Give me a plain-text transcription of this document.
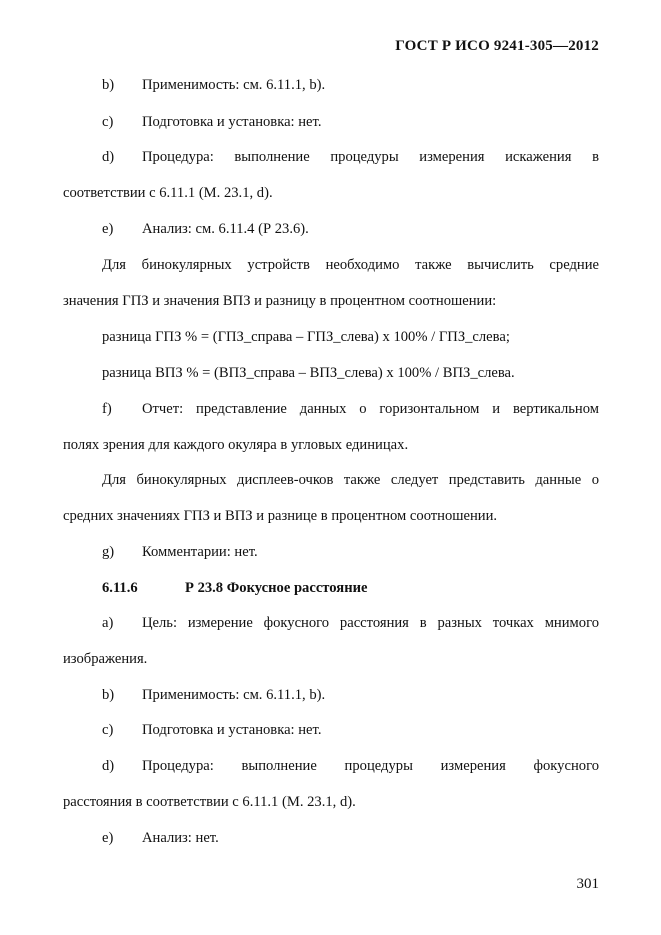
ГОСТ Р ИСО 9241-305—2012
b) Применимость: см. 6.11.1, b).
c) Подготовка и установка: нет.
d) Процедура: выполнение процедуры измерения искажения в
соответствии с 6.11.1 (М. 23.1, d).
e) Анализ: см. 6.11.4 (Р 23.6).
Для бинокулярных устройств необходимо также вычислить средние
значения ГПЗ и значения ВПЗ и разницу в процентном соотношении:
разница ГПЗ % = (ГПЗ_справа – ГПЗ_слева) х 100% / ГПЗ_слева;
разница ВПЗ % = (ВПЗ_справа – ВПЗ_слева) х 100% / ВПЗ_слева.
f) Отчет: представление данных о горизонтальном и вертикальном
полях зрения для каждого окуляра в угловых единицах.
Для бинокулярных дисплеев-очков также следует представить данные о
средних значениях ГПЗ и ВПЗ и разнице в процентном соотношении.
g) Комментарии: нет.
6.11.6	Р 23.8 Фокусное расстояние
a) Цель: измерение фокусного расстояния в разных точках мнимого
изображения.
b) Применимость: см. 6.11.1, b).
c) Подготовка и установка: нет.
d) Процедура: выполнение процедуры измерения фокусного
расстояния в соответствии с 6.11.1 (М. 23.1, d).
e) Анализ: нет.
301
